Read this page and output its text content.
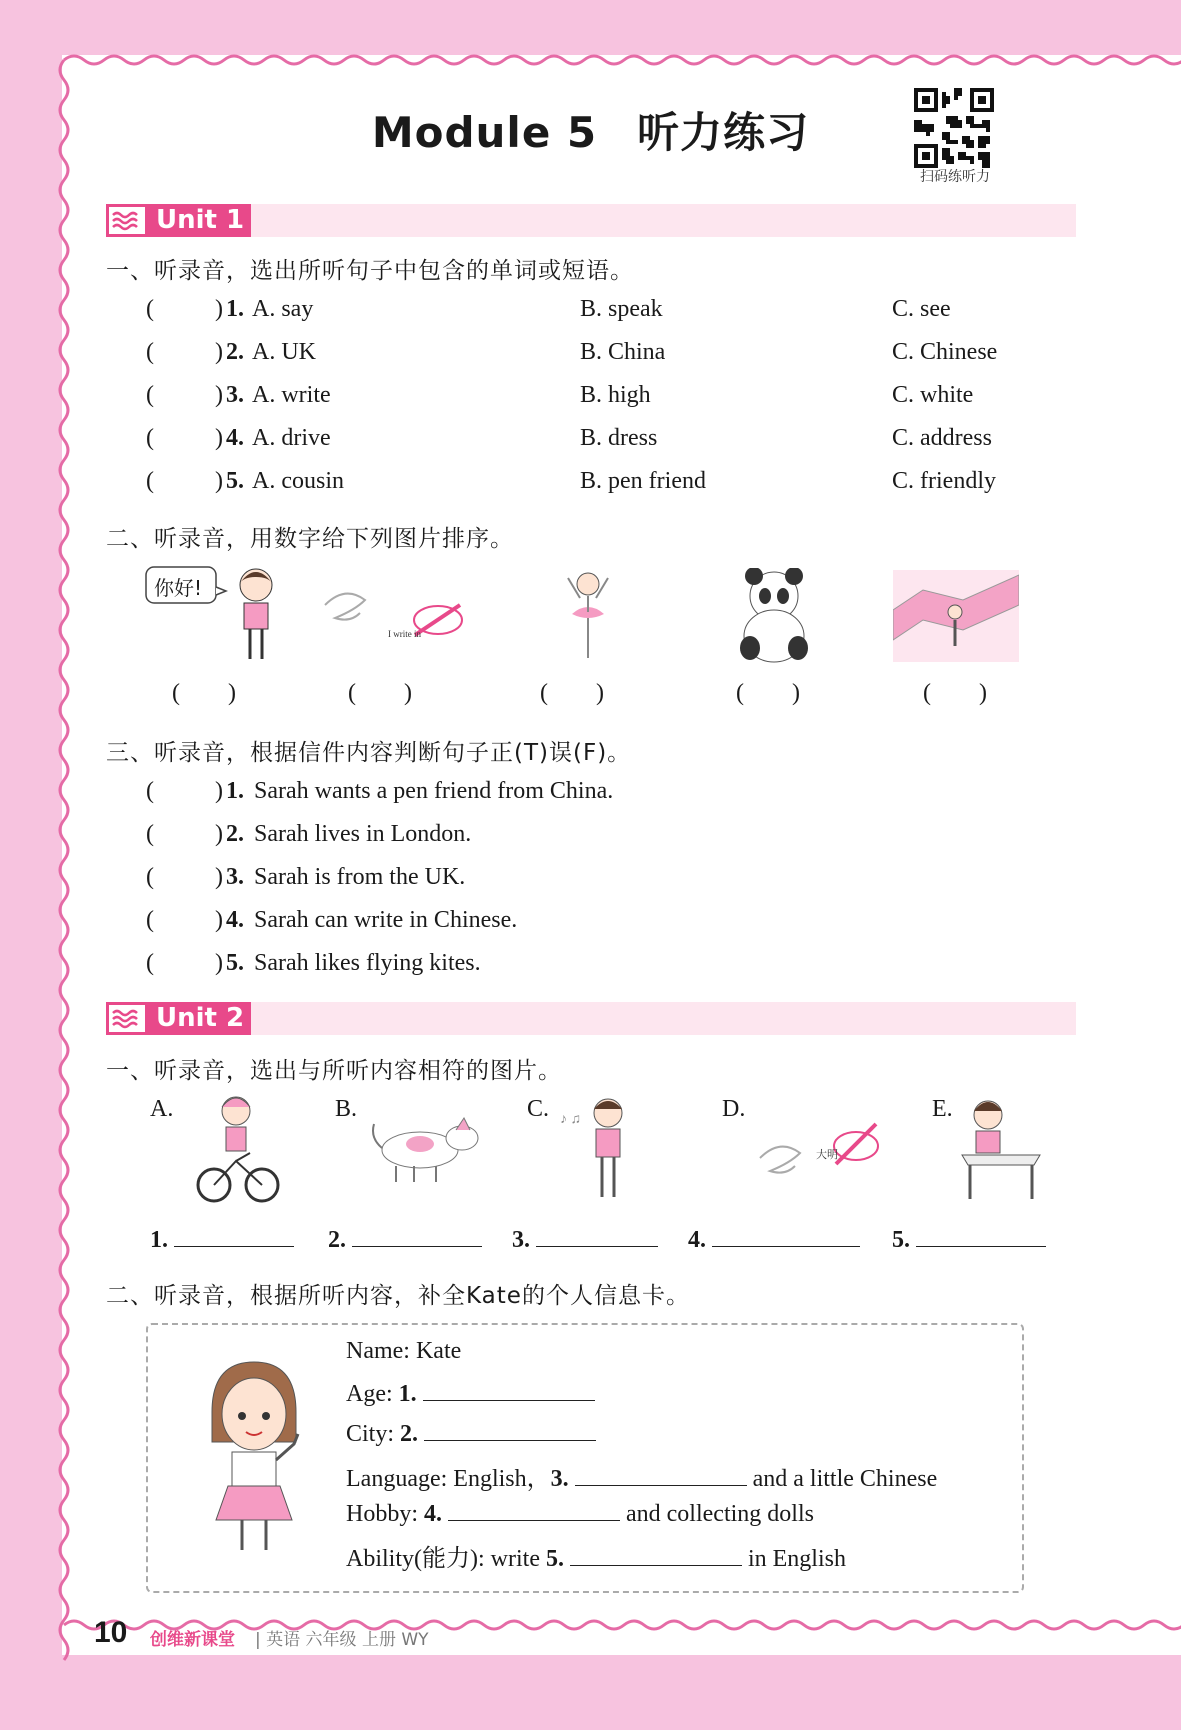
Module 5 听力练习
扫码练听力
Unit 1
一、听录音，选出所听句子中包含的单词或短语。
(	) 1. A. say	B. speak	C. see
(	) 2. A. UK	B. China	C. Chinese
(	) 3. A. write	B. high	C. white
(	) 4. A. drive	B. dress	C. address
(	) 5. A. cousin	B. pen friend	C. friendly
二、听录音，用数字给下列图片排序。
你好!
I write in
(        )	(        )	(        )	(        )	(        )
三、听录音，根据信件内容判断句子正(T)误(F)。
(	) 1. Sarah wants a pen friend from China.
(	) 2. Sarah lives in London.
(	) 3. Sarah is from the UK.
(	) 4. Sarah can write in Chinese.
(	) 5. Sarah likes flying kites.
Unit 2
一、听录音，选出与所听内容相符的图片。
A.	B.	C.	D.	E.
♪ ♫
大明
1.	2.	3.	4.	5.
二、听录音，根据所听内容，补全Kate的个人信息卡。
Name: Kate
Age: 1.
City: 2.
Language: English，3.	and a little Chinese
Hobby: 4.	and collecting dolls
Ability(能力): write 5.	in English
10 创维新课堂 | 英语 六年级 上册 WY
